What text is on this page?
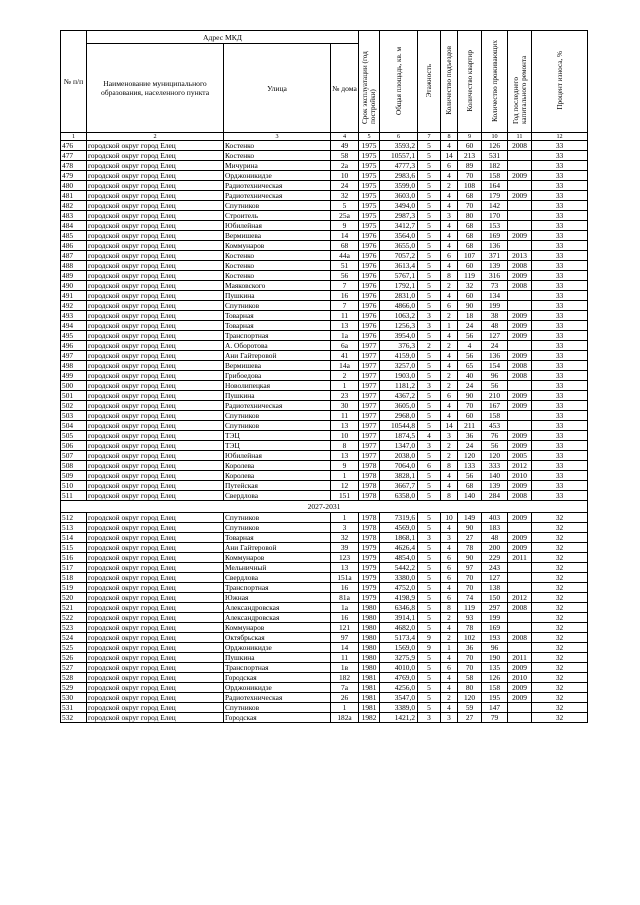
№ п/п	Адрес МКД			Срок эксплуатации (год постройки)	Общая площадь, кв. м	Этажность	Количество подъездов	Количество квартир	Количество проживающих	Год последнего капитального ремонта	Процент износа, %
	Наименование муниципального образования, населенного пункта	Улица	№ дома								
1	2	3	4	5	6	7	8	9	10	11	12
476	городской округ город Елец	Костенко	49	1975	3593,2	5	4	60	126	2008	33
477	городской округ город Елец	Костенко	58	1975	10557,1	5	14	213	531		33
478	городской округ город Елец	Мичурина	2а	1975	4777,3	5	6	89	182		33
479	городской округ город Елец	Орджоникидзе	10	1975	2983,6	5	4	70	158	2009	33
480	городской округ город Елец	Радиотехническая	24	1975	3599,0	5	2	108	164		33
481	городской округ город Елец	Радиотехническая	32	1975	3603,0	5	4	68	179	2009	33
482	городской округ город Елец	Спутников	5	1975	3494,0	5	4	70	142		33
483	городской округ город Елец	Строитель	25а	1975	2987,3	5	3	80	170		33
484	городской округ город Елец	Юбилейная	9	1975	3412,7	5	4	68	153		33
485	городской округ город Елец	Вермишева	14	1976	3564,0	5	4	68	169	2009	33
486	городской округ город Елец	Коммунаров	68	1976	3655,0	5	4	68	136		33
487	городской округ город Елец	Костенко	44а	1976	7057,2	5	6	107	371	2013	33
488	городской округ город Елец	Костенко	51	1976	3613,4	5	4	60	139	2008	33
489	городской округ город Елец	Костенко	56	1976	5767,1	5	8	119	316	2009	33
490	городской округ город Елец	Маяковского	7	1976	1792,1	5	2	32	73	2008	33
491	городской округ город Елец	Пушкина	16	1976	2831,0	5	4	60	134		33
492	городской округ город Елец	Спутников	7	1976	4866,0	5	6	90	199		33
493	городской округ город Елец	Товарная	11	1976	1063,2	3	2	18	38	2009	33
494	городской округ город Елец	Товарная	13	1976	1256,3	3	1	24	48	2009	33
495	городской округ город Елец	Транспортная	1а	1976	3954,0	5	4	56	127	2009	33
496	городской округ город Елец	А. Оборотова	6а	1977	376,3	2	2	4	24		33
497	городской округ город Елец	Ани Гайтеровой	41	1977	4159,0	5	4	56	136	2009	33
498	городской округ город Елец	Вермишева	14а	1977	3257,0	5	4	65	154	2008	33
499	городской округ город Елец	Грибоедова	2	1977	1903,0	5	2	40	96	2008	33
500	городской округ город Елец	Новолипецкая	1	1977	1181,2	3	2	24	56		33
501	городской округ город Елец	Пушкина	23	1977	4367,2	5	6	90	210	2009	33
502	городской округ город Елец	Радиотехническая	30	1977	3605,0	5	4	70	167	2009	33
503	городской округ город Елец	Спутников	11	1977	2968,0	5	4	60	158		33
504	городской округ город Елец	Спутников	13	1977	10544,8	5	14	211	453		33
505	городской округ город Елец	ТЭЦ	10	1977	1874,5	4	3	36	76	2009	33
506	городской округ город Елец	ТЭЦ	8	1977	1347,0	3	2	24	56	2009	33
507	городской округ город Елец	Юбилейная	13	1977	2038,0	5	2	120	120	2005	33
508	городской округ город Елец	Королева	9	1978	7064,0	6	8	133	333	2012	33
509	городской округ город Елец	Королева	1	1978	3828,1	5	4	56	140	2010	33
510	городской округ город Елец	Путейская	12	1978	3667,7	5	4	68	139	2009	33
511	городской округ город Елец	Свердлова	151	1978	6358,0	5	8	140	284	2008	33
2027-2031											
512	городской округ город Елец	Спутников	1	1978	7319,6	5	10	149	403	2009	32
513	городской округ город Елец	Спутников	3	1978	4569,0	5	4	90	183		32
514	городской округ город Елец	Товарная	32	1978	1868,1	3	3	27	48	2009	32
515	городской округ город Елец	Ани Гайтеровой	39	1979	4626,4	5	4	78	200	2009	32
516	городской округ город Елец	Коммунаров	123	1979	4854,0	5	6	90	229	2011	32
517	городской округ город Елец	Мельничный	13	1979	5442,2	5	6	97	243		32
518	городской округ город Елец	Свердлова	151а	1979	3380,0	5	6	70	127		32
519	городской округ город Елец	Транспортная	16	1979	4752,0	5	4	70	138		32
520	городской округ город Елец	Южная	81а	1979	4198,9	5	6	74	150	2012	32
521	городской округ город Елец	Александровская	1а	1980	6346,8	5	8	119	297	2008	32
522	городской округ город Елец	Александровская	16	1980	3914,1	5	2	93	199		32
523	городской округ город Елец	Коммунаров	121	1980	4682,0	5	4	78	169		32
524	городской округ город Елец	Октябрьская	97	1980	5173,4	9	2	102	193	2008	32
525	городской округ город Елец	Орджоникидзе	14	1980	1569,0	9	1	36	96		32
526	городской округ город Елец	Пушкина	11	1980	3275,9	5	4	70	190	2011	32
527	городской округ город Елец	Транспортная	1в	1980	4010,0	5	6	70	135	2009	32
528	городской округ город Елец	Городская	182	1981	4769,0	5	4	58	126	2010	32
529	городской округ город Елец	Орджоникидзе	7а	1981	4256,0	5	4	80	158	2009	32
530	городской округ город Елец	Радиотехническая	26	1981	3547,0	5	2	120	195	2009	32
531	городской округ город Елец	Спутников	1	1981	3389,0	5	4	59	147		32
532	городской округ город Елец	Городская	182а	1982	1421,2	3	3	27	79		32
